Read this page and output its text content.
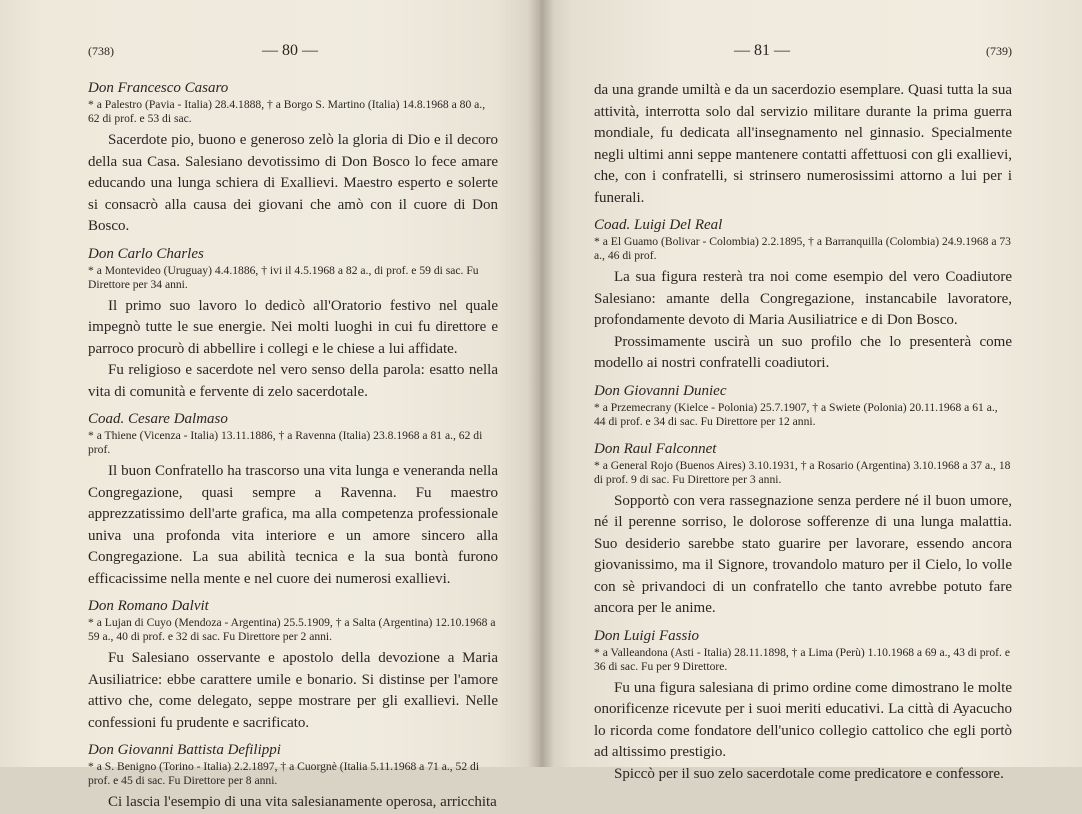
(738)	— 80 —

Don Francesco Casaro

* a Palestro (Pavia - Italia) 28.4.1888, † a Borgo S. Martino (Italia) 14.8.1968 a 80 a., 62 di prof. e 53 di sac.

Sacerdote pio, buono e generoso zelò la gloria di Dio e il decoro della sua Casa. Salesiano devotissimo di Don Bosco lo fece amare educando una lunga schiera di Exallievi. Maestro esperto e solerte si consacrò alla causa dei giovani che amò con il cuore di Don Bosco.

Don Carlo Charles

* a Montevideo (Uruguay) 4.4.1886, † ivi il 4.5.1968 a 82 a., di prof. e 59 di sac. Fu Direttore per 34 anni.

Il primo suo lavoro lo dedicò all'Oratorio festivo nel quale impegnò tutte le sue energie. Nei molti luoghi in cui fu direttore e parroco procurò di abbellire i collegi e le chiese a lui affidate.

Fu religioso e sacerdote nel vero senso della parola: esatto nella vita di comunità e fervente di zelo sacerdotale.

Coad. Cesare Dalmaso

* a Thiene (Vicenza - Italia) 13.11.1886, † a Ravenna (Italia) 23.8.1968 a 81 a., 62 di prof.

Il buon Confratello ha trascorso una vita lunga e veneranda nella Congregazione, quasi sempre a Ravenna. Fu maestro apprezzatissimo dell'arte grafica, ma alla competenza professionale univa una profonda vita interiore e un amore sincero alla Congregazione. La sua abilità tecnica e la sua bontà furono efficacissime nella mente e nel cuore dei numerosi exallievi.

Don Romano Dalvit

* a Lujan di Cuyo (Mendoza - Argentina) 25.5.1909, † a Salta (Argentina) 12.10.1968 a 59 a., 40 di prof. e 32 di sac. Fu Direttore per 2 anni.

Fu Salesiano osservante e apostolo della devozione a Maria Ausiliatrice: ebbe carattere umile e bonario. Si distinse per l'amore attivo che, come delegato, seppe mostrare per gli exallievi. Nelle confessioni fu prudente e sacrificato.

Don Giovanni Battista Defilippi

* a S. Benigno (Torino - Italia) 2.2.1897, † a Cuorgnè (Italia 5.11.1968 a 71 a., 52 di prof. e 45 di sac. Fu Direttore per 8 anni.

Ci lascia l'esempio di una vita salesianamente operosa, arricchita

— 81 —	(739)

da una grande umiltà e da un sacerdozio esemplare. Quasi tutta la sua attività, interrotta solo dal servizio militare durante la prima guerra mondiale, fu dedicata all'insegnamento nel ginnasio. Specialmente negli ultimi anni seppe mantenere contatti affettuosi con gli exallievi, che, con i confratelli, si strinsero numerosissimi attorno a lui per i funerali.

Coad. Luigi Del Real

* a El Guamo (Bolivar - Colombia) 2.2.1895, † a Barranquilla (Colombia) 24.9.1968 a 73 a., 46 di prof.

La sua figura resterà tra noi come esempio del vero Coadiutore Salesiano: amante della Congregazione, instancabile lavoratore, profondamente devoto di Maria Ausiliatrice e di Don Bosco.

Prossimamente uscirà un suo profilo che lo presenterà come modello ai nostri confratelli coadiutori.

Don Giovanni Duniec

* a Przemecrany (Kielce - Polonia) 25.7.1907, † a Swiete (Polonia) 20.11.1968 a 61 a., 44 di prof. e 34 di sac. Fu Direttore per 12 anni.

Don Raul Falconnet

* a General Rojo (Buenos Aires) 3.10.1931, † a Rosario (Argentina) 3.10.1968 a 37 a., 18 di prof. 9 di sac. Fu Direttore per 3 anni.

Sopportò con vera rassegnazione senza perdere né il buon umore, né il perenne sorriso, le dolorose sofferenze di una lunga malattia. Suo desiderio sarebbe stato guarire per lavorare, essendo ancora giovanissimo, ma il Signore, trovandolo maturo per il Cielo, lo volle con sè privandoci di un confratello che tanto avrebbe potuto fare ancora per le anime.

Don Luigi Fassio

* a Valleandona (Asti - Italia) 28.11.1898, † a Lima (Perù) 1.10.1968 a 69 a., 43 di prof. e 36 di sac. Fu per 9 Direttore.

Fu una figura salesiana di primo ordine come dimostrano le molte onorificenze ricevute per i suoi meriti educativi. La città di Ayacucho lo ricorda come fondatore dell'unico collegio cattolico che egli portò ad altissimo prestigio.

Spiccò per il suo zelo sacerdotale come predicatore e confessore.
